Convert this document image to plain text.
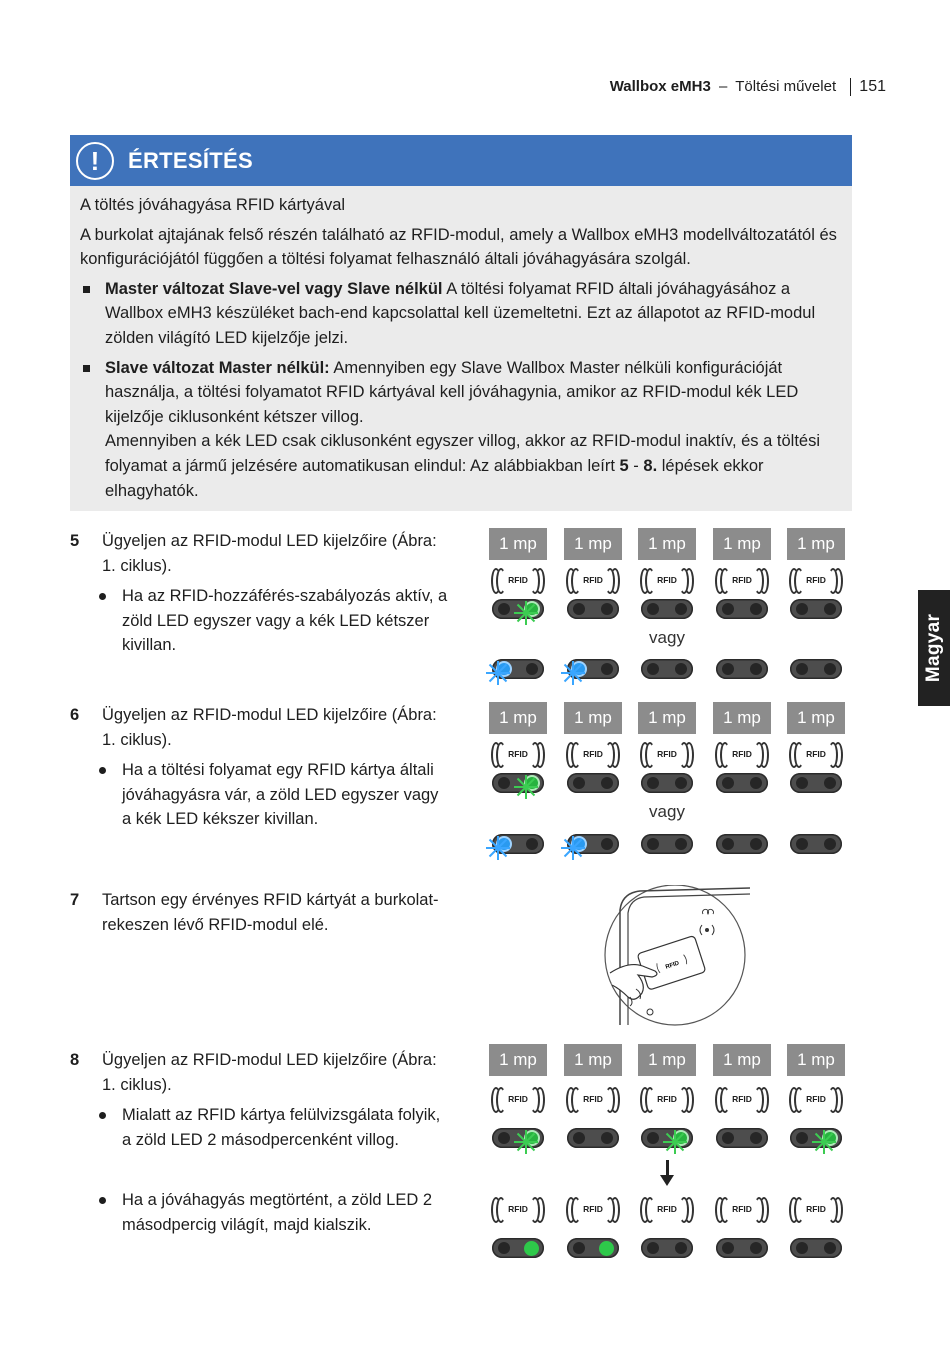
Wallbox eMH3 – Töltési művelet 151
Magyar
!	ÉRTESÍTÉS
A töltés jóváhagyása RFID kártyával
A burkolat ajtajának felső részén található az RFID-modul, amely a Wallbox eMH3 modellváltozatától és konfigurációjától függően a töltési folyamat felhasználó általi jóváhagyására szolgál.
Master változat Slave-vel vagy Slave nélkül A töltési folyamat RFID általi jóváhagyásához a Wallbox eMH3 készüléket bach-end kapcsolattal kell üzemeltetni. Ezt az állapotot az RFID-modul zölden világító LED kijelzője jelzi.
Slave változat Master nélkül: Amennyiben egy Slave Wallbox Master nélküli konfigurációját használja, a töltési folyamatot RFID kártyával kell jóváhagynia, amikor az RFID-modul kék LED kijelzője ciklusonként kétszer villog.
Amennyiben a kék LED csak ciklusonként egyszer villog, akkor az RFID-modul inaktív, és a töltési folyamat a jármű jelzésére automatikusan elindul: Az alábbiakban leírt 5 - 8. lépések ekkor elhagyhatók.
5 Ügyeljen az RFID-modul LED kijelzőire (Ábra: 1. ciklus).
Ha az RFID-hozzáférés-szabályozás aktív, a zöld LED egyszer vagy a kék LED kétszer kivillan.
6 Ügyeljen az RFID-modul LED kijelzőire (Ábra: 1. ciklus).
Ha a töltési folyamat egy RFID kártya általi jóváhagyásra vár, a zöld LED egyszer vagy a kék LED kékszer kivillan.
7 Tartson egy érvényes RFID kártyát a burkolat-rekeszen lévő RFID-modul elé.
8 Ügyeljen az RFID-modul LED kijelzőire (Ábra: 1. ciklus).
Mialatt az RFID kártya felülvizsgálata folyik, a zöld LED 2 másodpercenként villog.
Ha a jóváhagyás megtörtént, a zöld LED 2 másodpercig világít, majd kialszik.
1 mp	1 mp	1 mp	1 mp	1 mp
RFID	RFID	RFID	RFID	RFID
vagy
1 mp	1 mp	1 mp	1 mp	1 mp
RFID	RFID	RFID	RFID	RFID
vagy
RFID
1 mp	1 mp	1 mp	1 mp	1 mp
RFID	RFID	RFID	RFID	RFID
RFID	RFID	RFID	RFID	RFID
